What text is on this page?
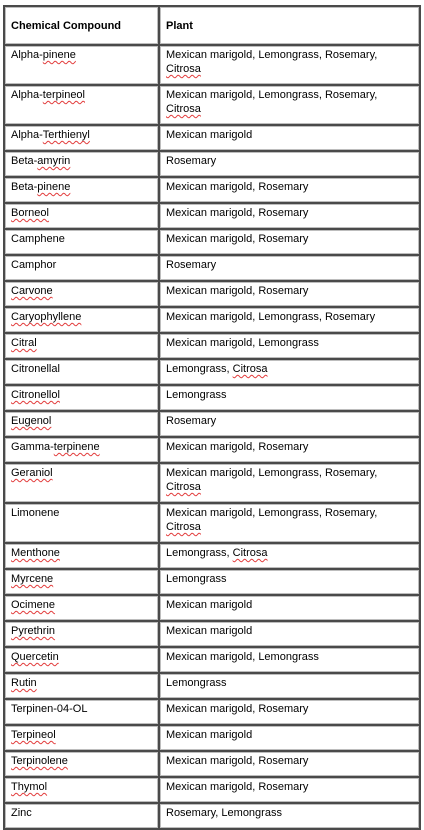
Chemical Compound	Plant
Alpha-pinene	Mexican marigold, Lemongrass, Rosemary, Citrosa
Alpha-terpineol	Mexican marigold, Lemongrass, Rosemary, Citrosa
Alpha-Terthienyl	Mexican marigold
Beta-amyrin	Rosemary
Beta-pinene	Mexican marigold, Rosemary
Borneol	Mexican marigold, Rosemary
Camphene	Mexican marigold, Rosemary
Camphor	Rosemary
Carvone	Mexican marigold, Rosemary
Caryophyllene	Mexican marigold, Lemongrass, Rosemary
Citral	Mexican marigold, Lemongrass
Citronellal	Lemongrass, Citrosa
Citronellol	Lemongrass
Eugenol	Rosemary
Gamma-terpinene	Mexican marigold, Rosemary
Geraniol	Mexican marigold, Lemongrass, Rosemary, Citrosa
Limonene	Mexican marigold, Lemongrass, Rosemary, Citrosa
Menthone	Lemongrass, Citrosa
Myrcene	Lemongrass
Ocimene	Mexican marigold
Pyrethrin	Mexican marigold
Quercetin	Mexican marigold, Lemongrass
Rutin	Lemongrass
Terpinen-04-OL	Mexican marigold, Rosemary
Terpineol	Mexican marigold
Terpinolene	Mexican marigold, Rosemary
Thymol	Mexican marigold, Rosemary
Zinc	Rosemary, Lemongrass
